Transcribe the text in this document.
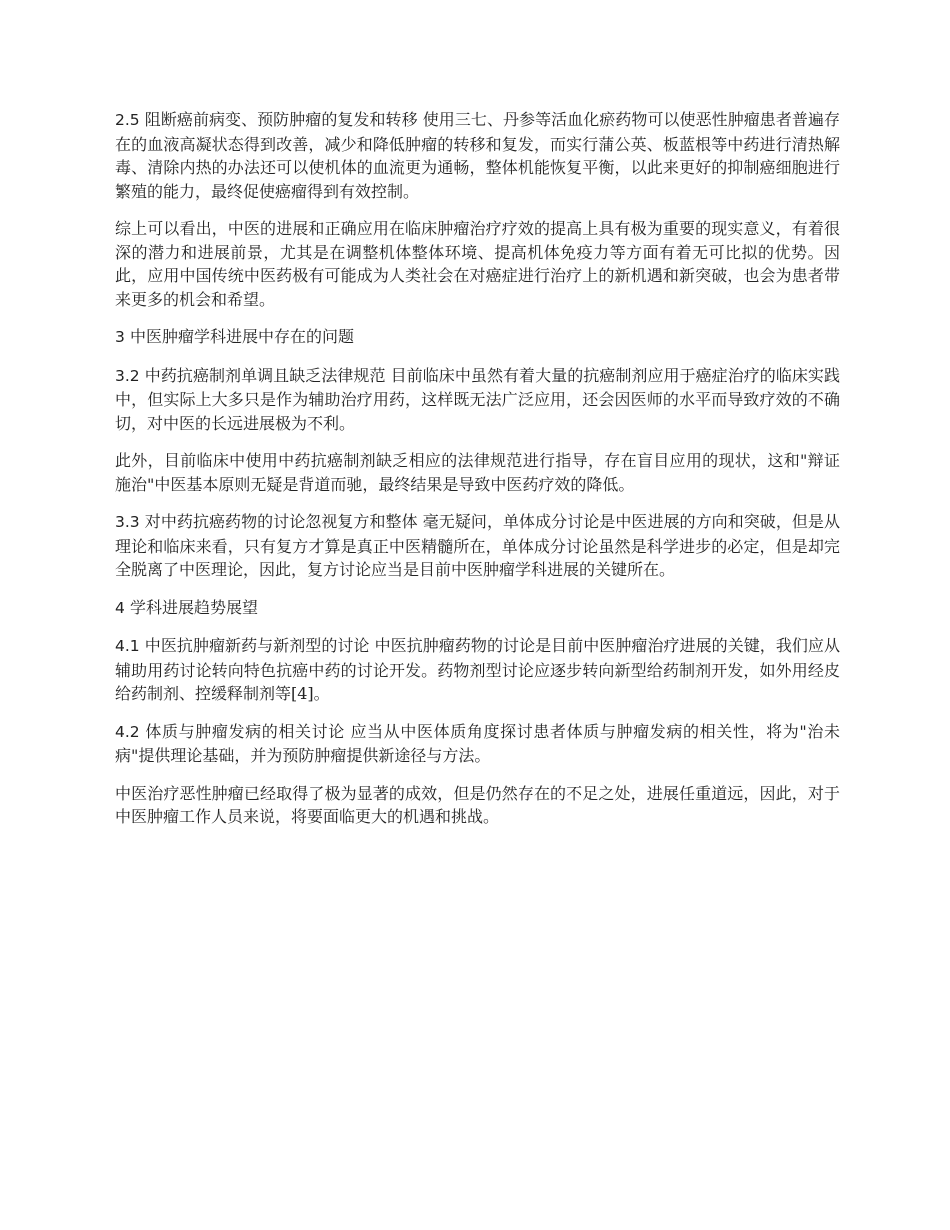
2.5 阻断癌前病变、预防肿瘤的复发和转移 使用三七、丹参等活血化瘀药物可以使恶性肿瘤患者普遍存在的血液高凝状态得到改善，减少和降低肿瘤的转移和复发，而实行蒲公英、板蓝根等中药进行清热解毒、清除内热的办法还可以使机体的血流更为通畅，整体机能恢复平衡，以此来更好的抑制癌细胞进行繁殖的能力，最终促使癌瘤得到有效控制。

综上可以看出，中医的进展和正确应用在临床肿瘤治疗疗效的提高上具有极为重要的现实意义，有着很深的潜力和进展前景，尤其是在调整机体整体环境、提高机体免疫力等方面有着无可比拟的优势。因此，应用中国传统中医药极有可能成为人类社会在对癌症进行治疗上的新机遇和新突破，也会为患者带来更多的机会和希望。

3 中医肿瘤学科进展中存在的问题

3.2 中药抗癌制剂单调且缺乏法律规范 目前临床中虽然有着大量的抗癌制剂应用于癌症治疗的临床实践中，但实际上大多只是作为辅助治疗用药，这样既无法广泛应用，还会因医师的水平而导致疗效的不确切，对中医的长远进展极为不利。

此外，目前临床中使用中药抗癌制剂缺乏相应的法律规范进行指导，存在盲目应用的现状，这和"辩证施治"中医基本原则无疑是背道而驰，最终结果是导致中医药疗效的降低。

3.3 对中药抗癌药物的讨论忽视复方和整体 毫无疑问，单体成分讨论是中医进展的方向和突破，但是从理论和临床来看，只有复方才算是真正中医精髓所在，单体成分讨论虽然是科学进步的必定，但是却完全脱离了中医理论，因此，复方讨论应当是目前中医肿瘤学科进展的关键所在。

4 学科进展趋势展望

4.1 中医抗肿瘤新药与新剂型的讨论 中医抗肿瘤药物的讨论是目前中医肿瘤治疗进展的关键，我们应从辅助用药讨论转向特色抗癌中药的讨论开发。药物剂型讨论应逐步转向新型给药制剂开发，如外用经皮给药制剂、控缓释制剂等[4]。

4.2 体质与肿瘤发病的相关讨论 应当从中医体质角度探讨患者体质与肿瘤发病的相关性，将为"治未病"提供理论基础，并为预防肿瘤提供新途径与方法。

中医治疗恶性肿瘤已经取得了极为显著的成效，但是仍然存在的不足之处，进展任重道远，因此，对于中医肿瘤工作人员来说，将要面临更大的机遇和挑战。
